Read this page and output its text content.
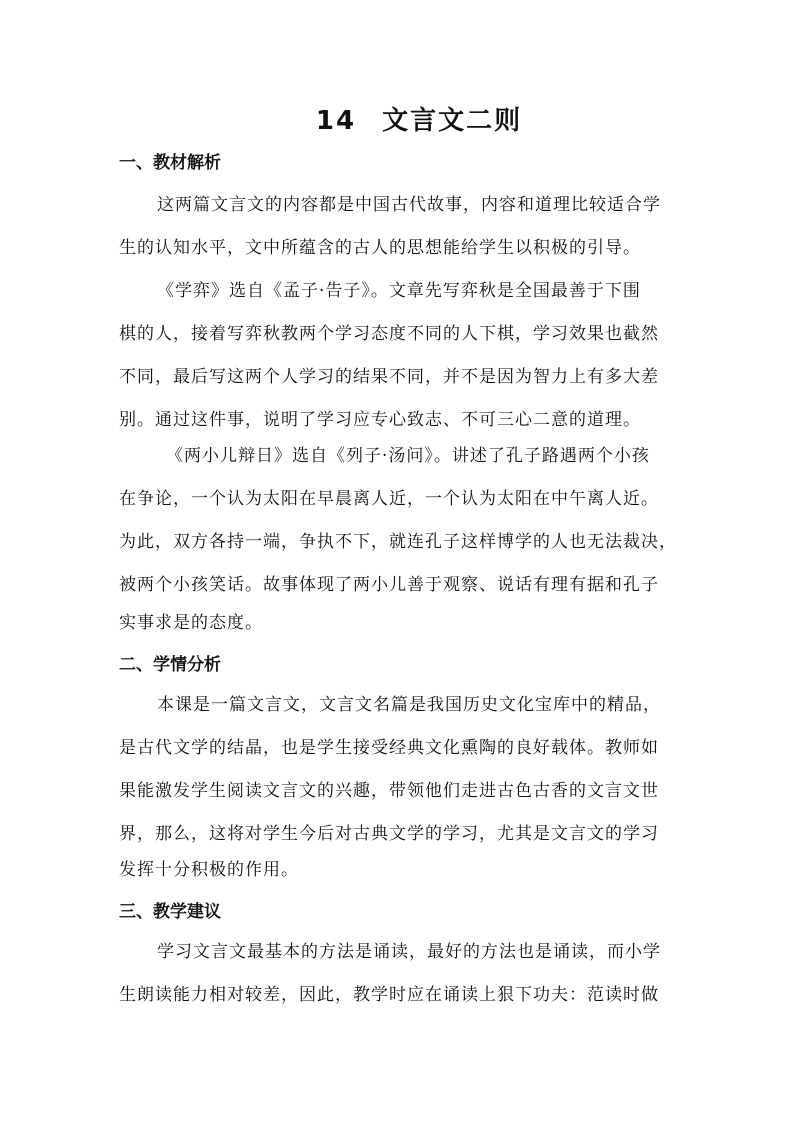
14 文言文二则
一、教材解析
这两篇文言文的内容都是中国古代故事，内容和道理比较适合学
生的认知水平，文中所蕴含的古人的思想能给学生以积极的引导。
《学弈》选自《孟子·告子》。文章先写弈秋是全国最善于下围
棋的人，接着写弈秋教两个学习态度不同的人下棋，学习效果也截然
不同，最后写这两个人学习的结果不同，并不是因为智力上有多大差
别。通过这件事，说明了学习应专心致志、不可三心二意的道理。
《两小儿辩日》选自《列子·汤问》。讲述了孔子路遇两个小孩
在争论，一个认为太阳在早晨离人近，一个认为太阳在中午离人近。
为此，双方各持一端，争执不下，就连孔子这样博学的人也无法裁决，
被两个小孩笑话。故事体现了两小儿善于观察、说话有理有据和孔子
实事求是的态度。
二、学情分析
本课是一篇文言文，文言文名篇是我国历史文化宝库中的精品，
是古代文学的结晶，也是学生接受经典文化熏陶的良好载体。教师如
果能激发学生阅读文言文的兴趣，带领他们走进古色古香的文言文世
界，那么，这将对学生今后对古典文学的学习，尤其是文言文的学习
发挥十分积极的作用。
三、教学建议
学习文言文最基本的方法是诵读，最好的方法也是诵读，而小学
生朗读能力相对较差，因此，教学时应在诵读上狠下功夫：范读时做
